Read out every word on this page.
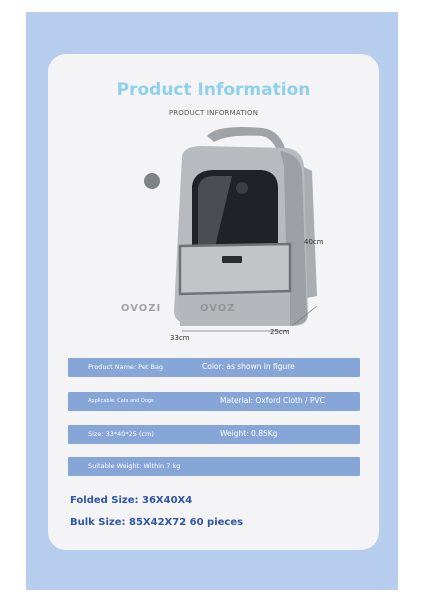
Product Information
PRODUCT INFORMATION
OVOZI	OVOZ
40cm
33cm
25cm
Product Name: Pet Bag	Color: as shown in figure
Applicable: Cats and Dogs	Material: Oxford Cloth / PVC
Size: 33*40*25 (cm)	Weight: 0.85Kg
Suitable Weight: Within 7 kg
Folded Size: 36X40X4
Bulk Size: 85X42X72 60 pieces
